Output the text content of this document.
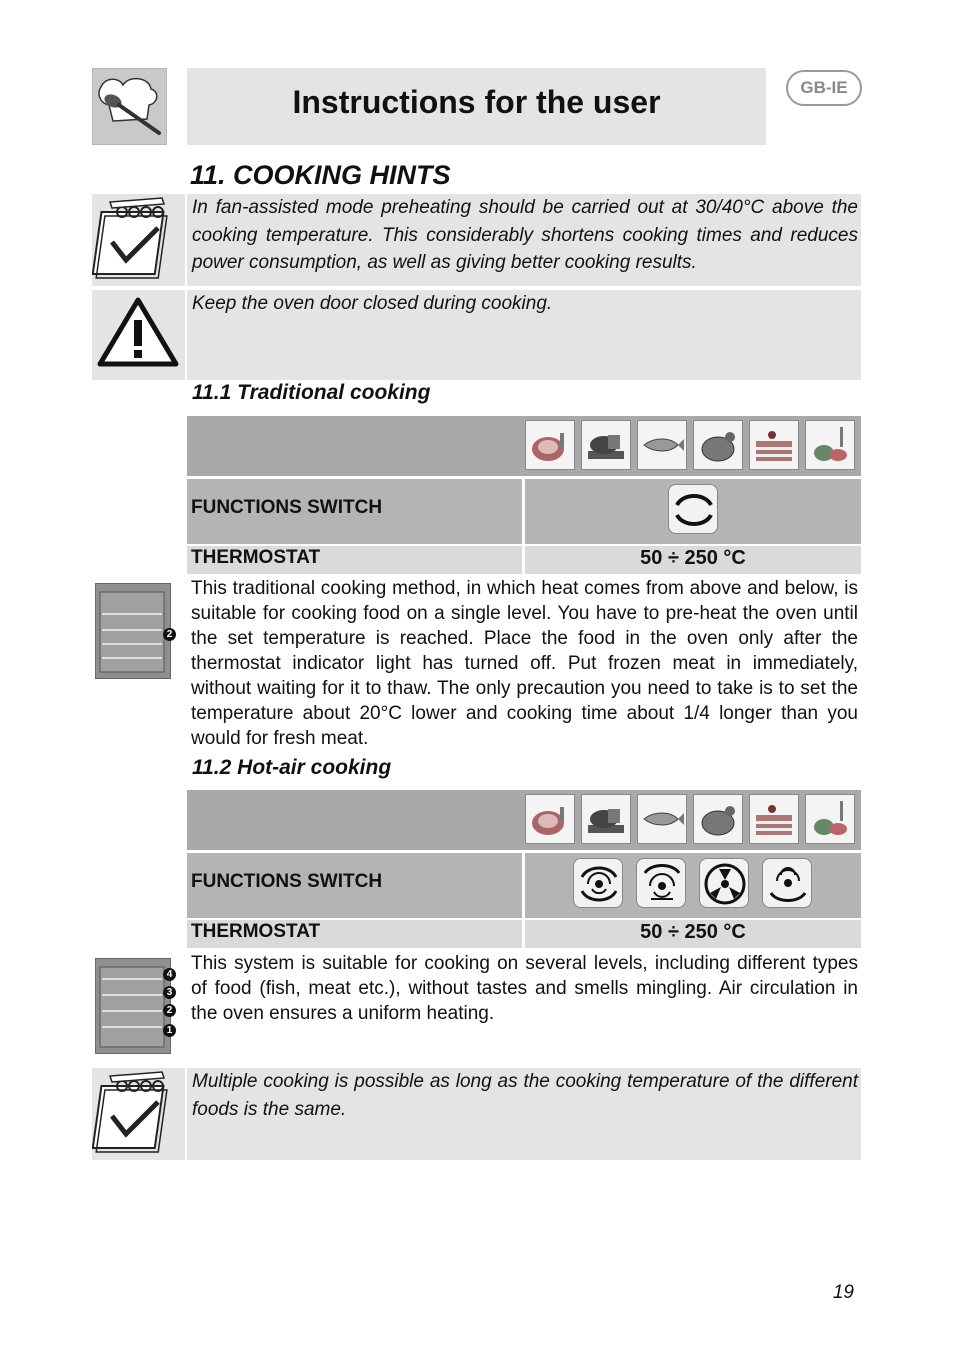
Instructions for the user	GB-IE
11. COOKING HINTS
In fan-assisted mode preheating should be carried out at 30/40°C above the cooking temperature. This considerably shortens cooking times and reduces power consumption, as well as giving better cooking results.
Keep the oven door closed during cooking.
11.1 Traditional cooking
FUNCTIONS SWITCH
THERMOSTAT	50 ÷ 250 °C
2
This traditional cooking method, in which heat comes from above and below, is suitable for cooking food on a single level. You have to pre-heat the oven until the set temperature is reached. Place the food in the oven only after the thermostat indicator light has turned off. Put frozen meat in immediately, without waiting for it to thaw. The only precaution you need to take is to set the temperature about 20°C lower and cooking time about 1/4 longer than you would for fresh meat.
11.2 Hot-air cooking
FUNCTIONS SWITCH
THERMOSTAT	50 ÷ 250 °C
4
3
2
1
This system is suitable for cooking on several levels, including different types of food (fish, meat etc.), without tastes and smells mingling. Air circulation in the oven ensures a uniform heating.
Multiple cooking is possible as long as the cooking temperature of the different foods is the same.
19
